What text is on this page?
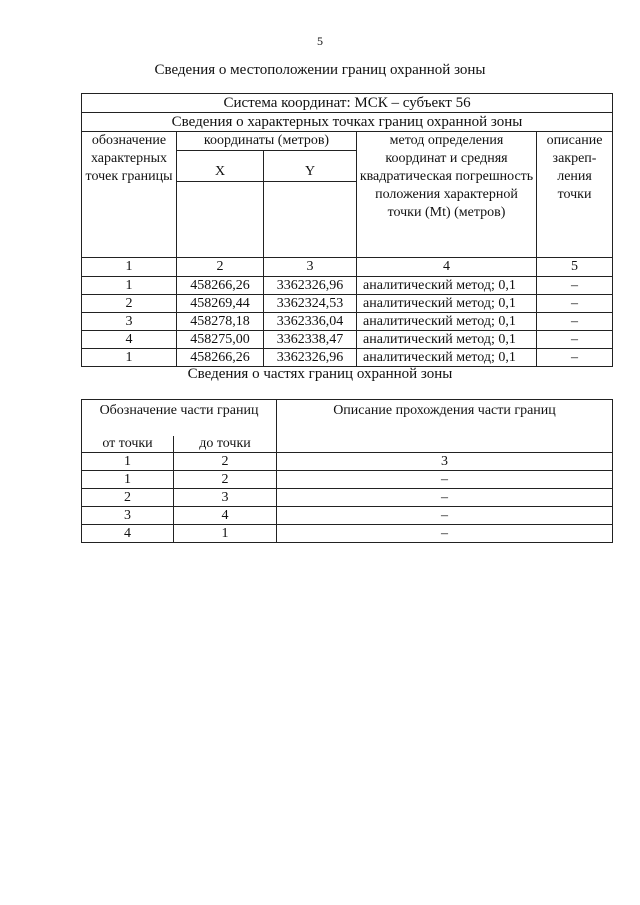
5
Сведения о местоположении границ охранной зоны
Система координат: МСК – субъект 56				
Сведения о характерных точках границ охранной зоны				
обозначение характерных точек границы	координаты (метров)		метод определения координат и средняя квадратическая погрешность положения характерной точки (Mt) (метров)	описание закреп-ления точки
	X	Y		

1	2	3	4	5
1	458266,26	3362326,96	аналитический метод; 0,1	–
2	458269,44	3362324,53	аналитический метод; 0,1	–
3	458278,18	3362336,04	аналитический метод; 0,1	–
4	458275,00	3362338,47	аналитический метод; 0,1	–
1	458266,26	3362326,96	аналитический метод; 0,1	–
Сведения о частях границ охранной зоны
Обозначение части границ		Описание прохождения части границ
от точки	до точки	
1	2	3
1	2	–
2	3	–
3	4	–
4	1	–
